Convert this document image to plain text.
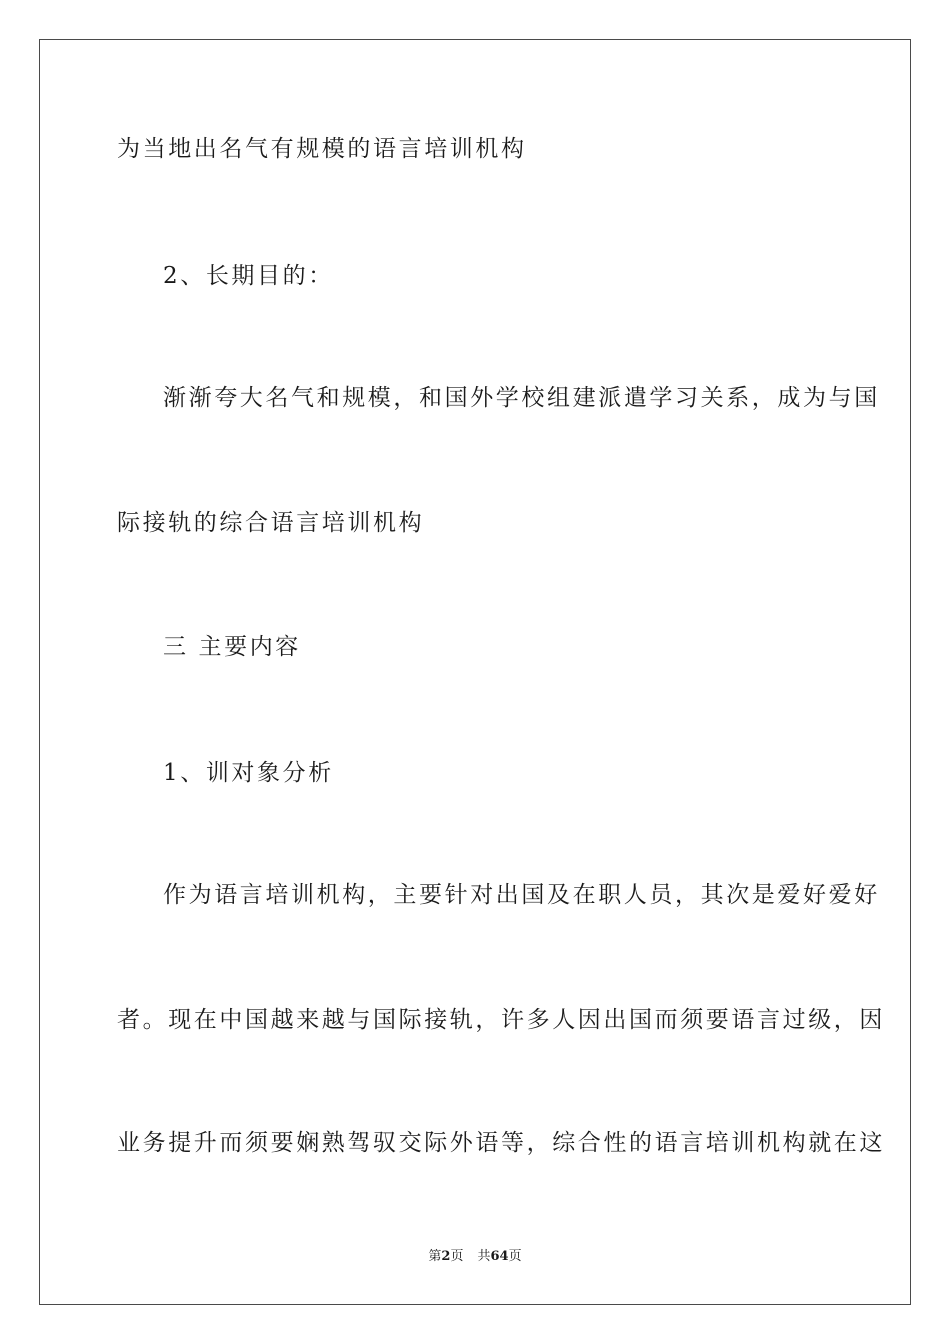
为当地出名气有规模的语言培训机构
2、长期目的：
渐渐夸大名气和规模，和国外学校组建派遣学习关系，成为与国
际接轨的综合语言培训机构
三 主要内容
1、训对象分析
作为语言培训机构，主要针对出国及在职人员，其次是爱好爱好
者。现在中国越来越与国际接轨，许多人因出国而须要语言过级，因
业务提升而须要娴熟驾驭交际外语等，综合性的语言培训机构就在这
第2页 共64页
